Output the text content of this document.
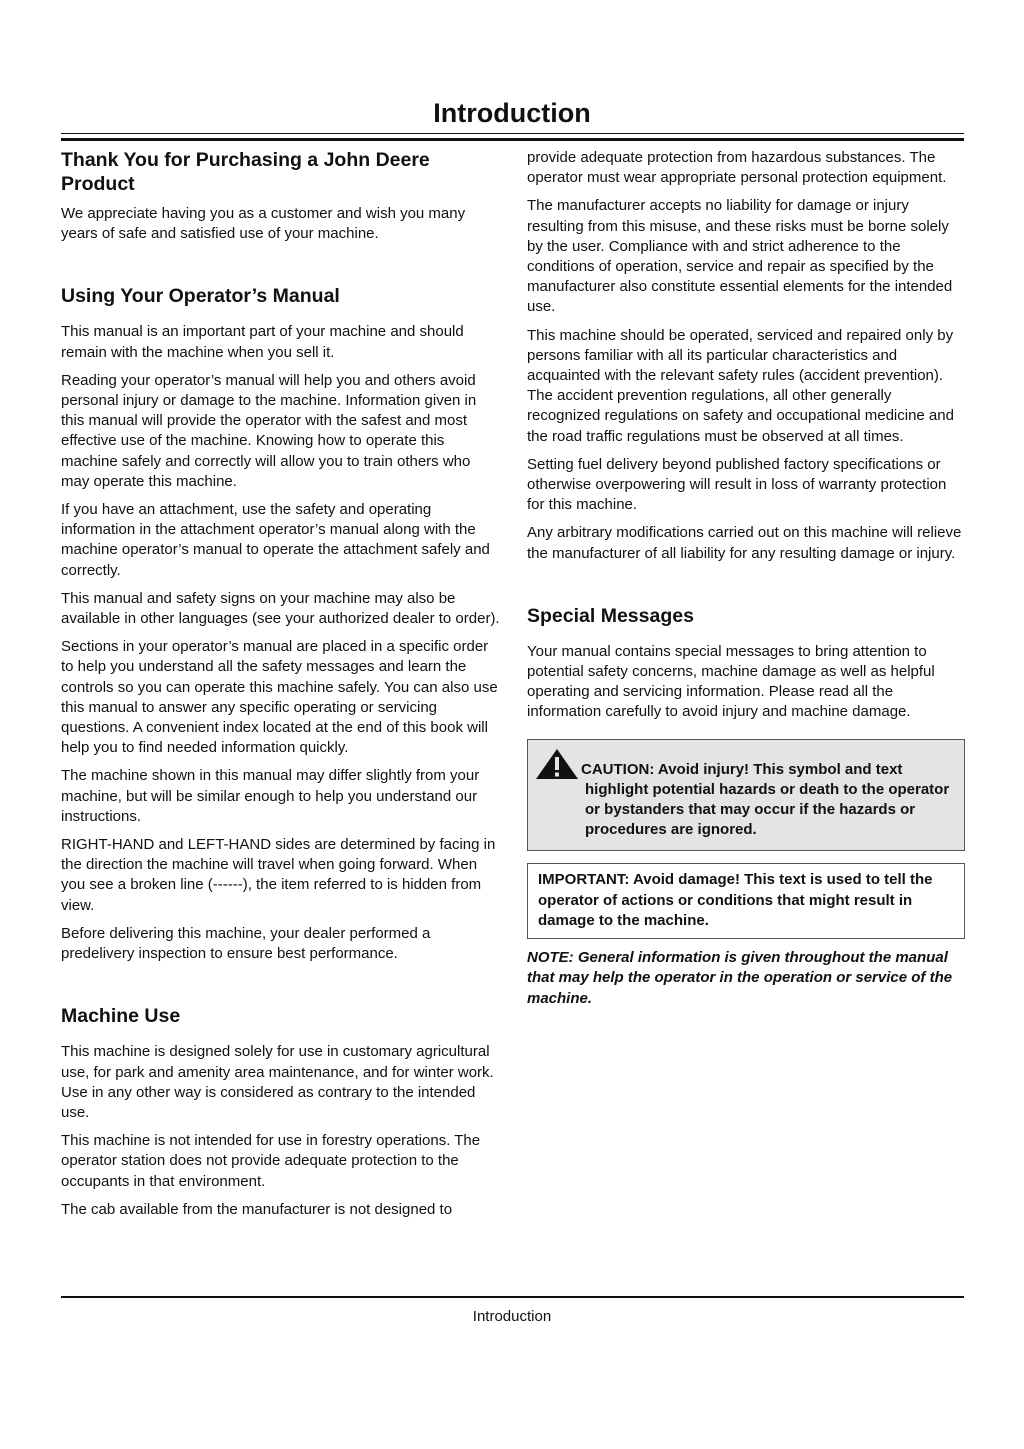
Introduction
Thank You for Purchasing a John Deere Product

We appreciate having you as a customer and wish you many years of safe and satisfied use of your machine.

Using Your Operator’s Manual

This manual is an important part of your machine and should remain with the machine when you sell it.

Reading your operator’s manual will help you and others avoid personal injury or damage to the machine. Information given in this manual will provide the operator with the safest and most effective use of the machine. Knowing how to operate this machine safely and correctly will allow you to train others who may operate this machine.

If you have an attachment, use the safety and operating information in the attachment operator’s manual along with the machine operator’s manual to operate the attachment safely and correctly.

This manual and safety signs on your machine may also be available in other languages (see your authorized dealer to order).

Sections in your operator’s manual are placed in a specific order to help you understand all the safety messages and learn the controls so you can operate this machine safely. You can also use this manual to answer any specific operating or servicing questions. A convenient index located at the end of this book will help you to find needed information quickly.

The machine shown in this manual may differ slightly from your machine, but will be similar enough to help you understand our instructions.

RIGHT-HAND and LEFT-HAND sides are determined by facing in the direction the machine will travel when going forward. When you see a broken line (------), the item referred to is hidden from view.

Before delivering this machine, your dealer performed a predelivery inspection to ensure best performance.

Machine Use

This machine is designed solely for use in customary agricultural use, for park and amenity area maintenance, and for winter work. Use in any other way is considered as contrary to the intended use.

This machine is not intended for use in forestry operations. The operator station does not provide adequate protection to the occupants in that environment.

The cab available from the manufacturer is not designed to

provide adequate protection from hazardous substances. The operator must wear appropriate personal protection equipment.

The manufacturer accepts no liability for damage or injury resulting from this misuse, and these risks must be borne solely by the user. Compliance with and strict adherence to the conditions of operation, service and repair as specified by the manufacturer also constitute essential elements for the intended use.

This machine should be operated, serviced and repaired only by persons familiar with all its particular characteristics and acquainted with the relevant safety rules (accident prevention). The accident prevention regulations, all other generally recognized regulations on safety and occupational medicine and the road traffic regulations must be observed at all times.

Setting fuel delivery beyond published factory specifications or otherwise overpowering will result in loss of warranty protection for this machine.

Any arbitrary modifications carried out on this machine will relieve the manufacturer of all liability for any resulting damage or injury.

Special Messages

Your manual contains special messages to bring attention to potential safety concerns, machine damage as well as helpful operating and servicing information. Please read all the information carefully to avoid injury and machine damage.

CAUTION: Avoid injury! This symbol and text highlight potential hazards or death to the operator or bystanders that may occur if the hazards or procedures are ignored.

IMPORTANT: Avoid damage! This text is used to tell the operator of actions or conditions that might result in damage to the machine.

NOTE: General information is given throughout the manual that may help the operator in the operation or service of the machine.

Introduction
